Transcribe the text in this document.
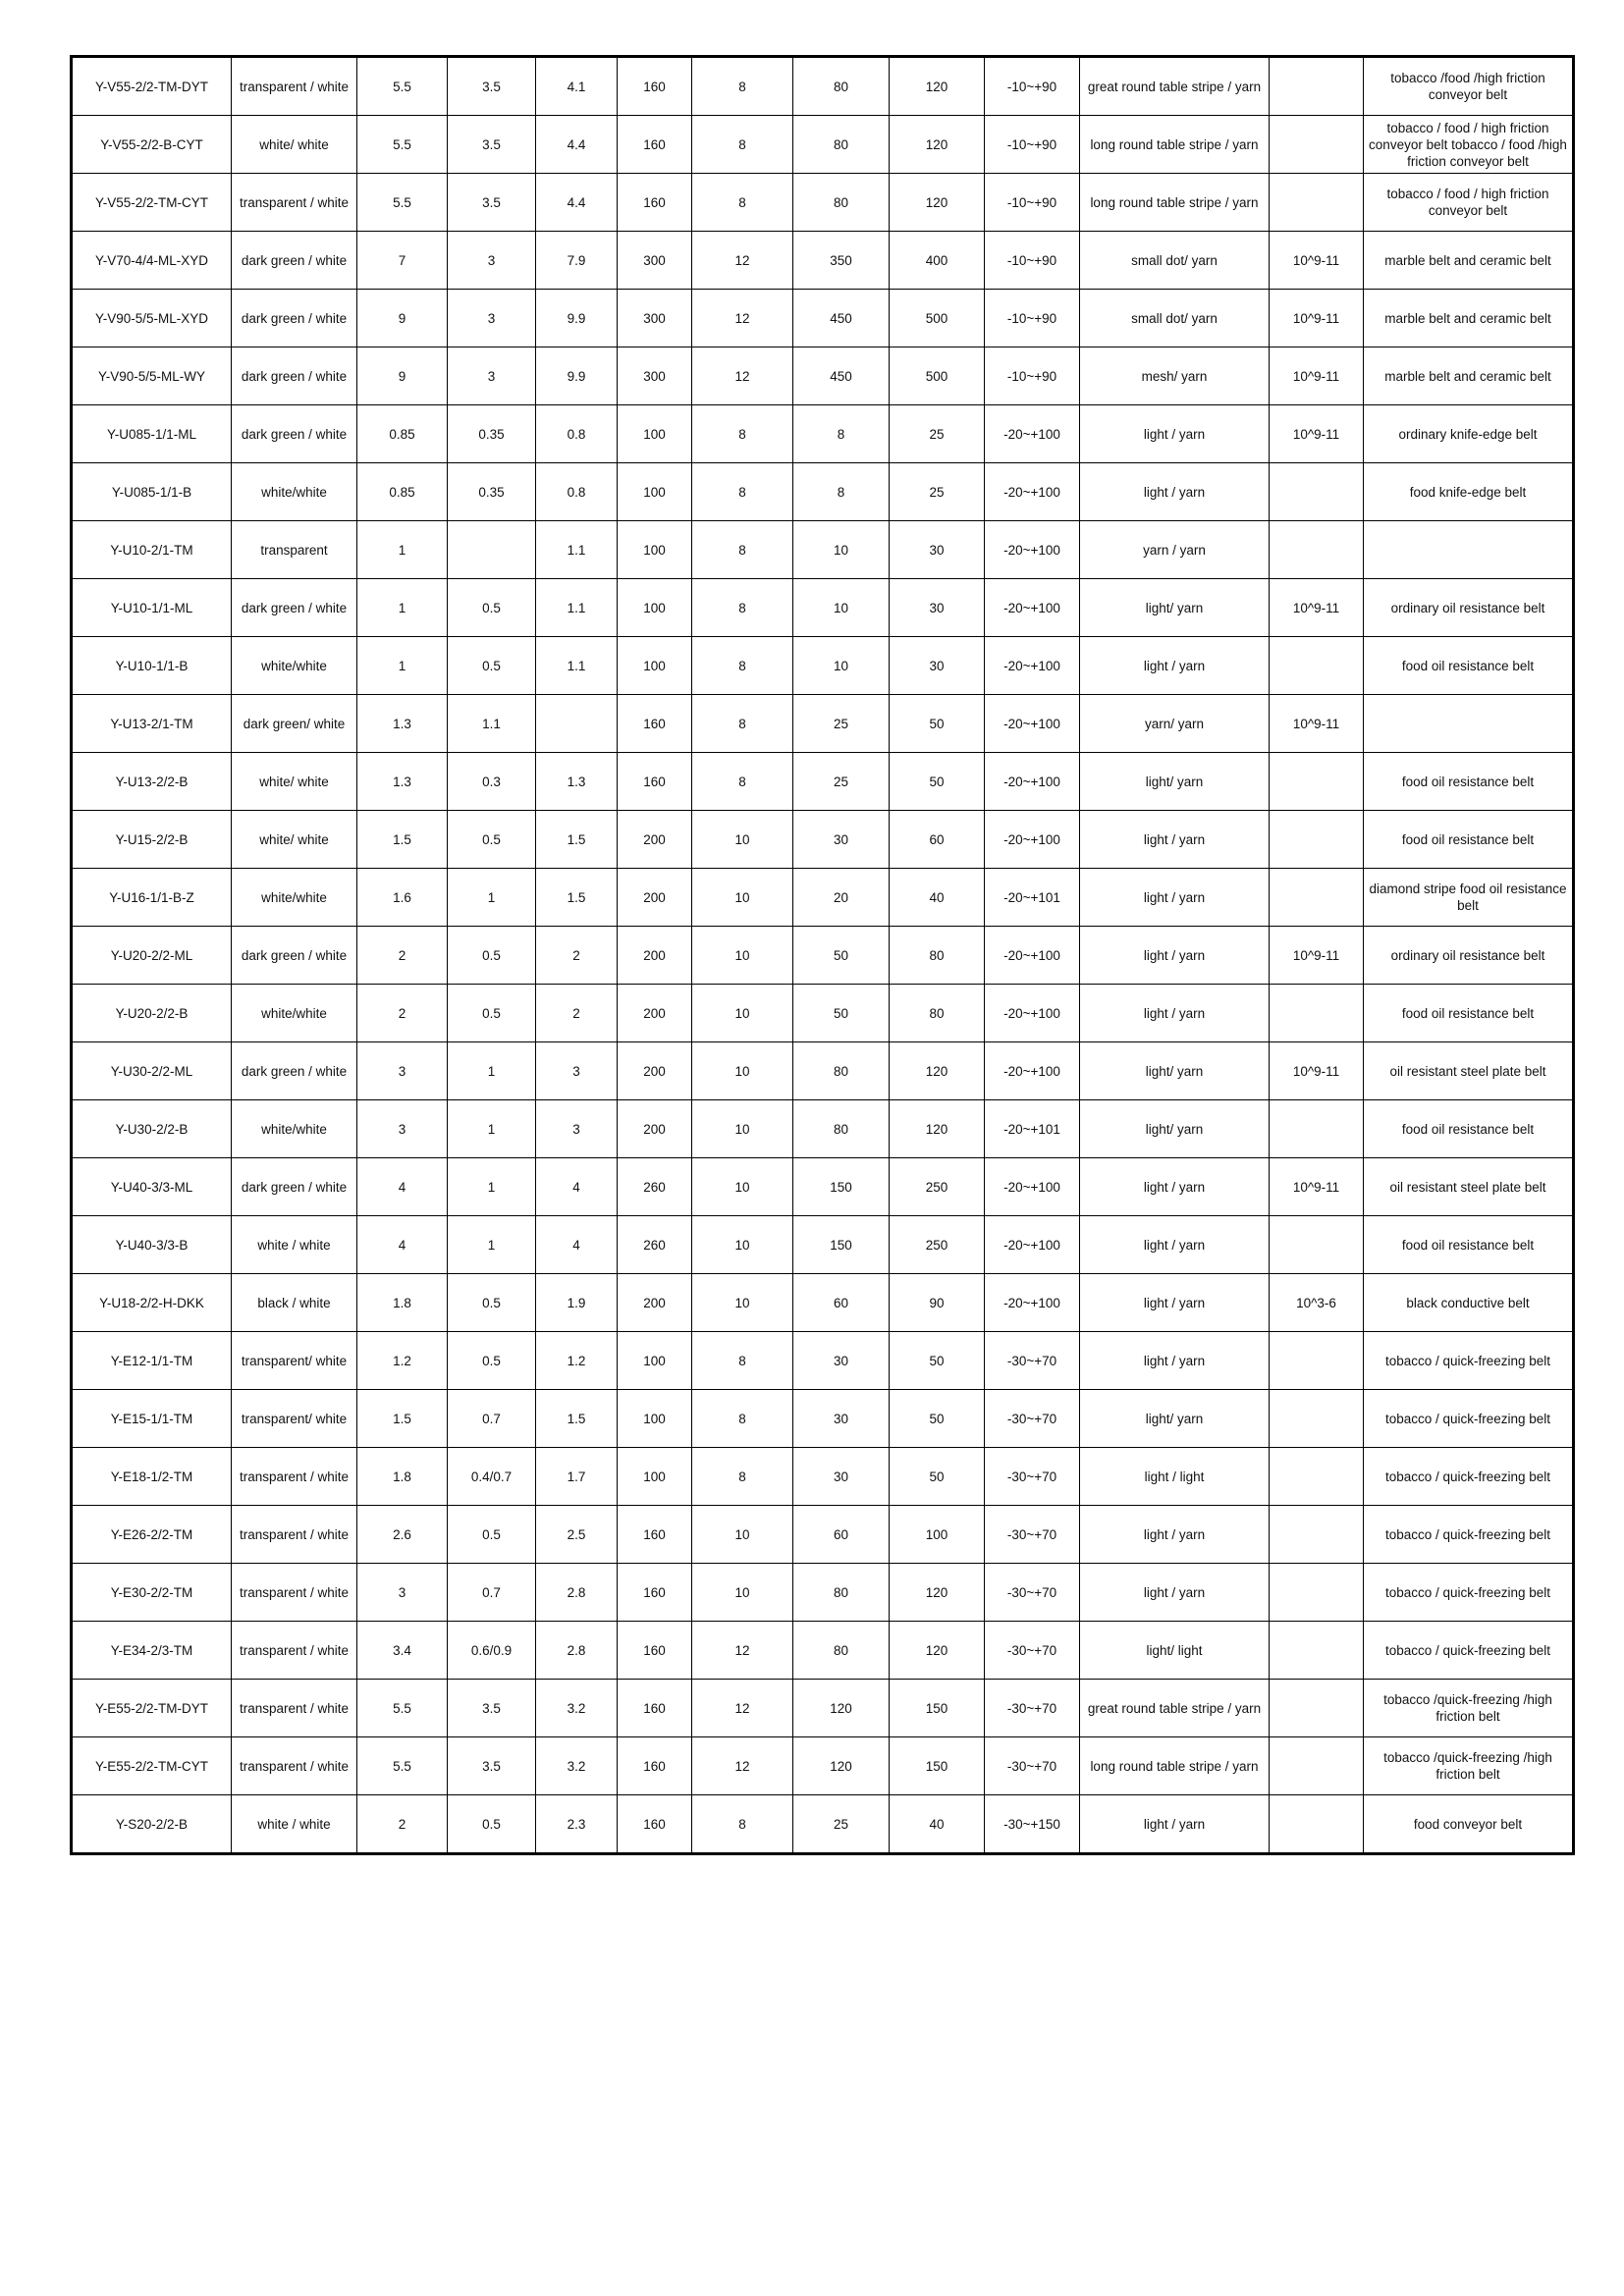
Y-V55-2/2-TM-DYT	transparent / white	5.5	3.5	4.1	160	8	80	120	-10~+90	great round table stripe / yarn		tobacco /food /high friction conveyor belt
Y-V55-2/2-B-CYT	white/ white	5.5	3.5	4.4	160	8	80	120	-10~+90	long round table stripe / yarn		tobacco / food / high friction conveyor belt tobacco / food /high friction conveyor belt
Y-V55-2/2-TM-CYT	transparent / white	5.5	3.5	4.4	160	8	80	120	-10~+90	long round table stripe / yarn		tobacco / food / high friction conveyor belt
Y-V70-4/4-ML-XYD	dark green / white	7	3	7.9	300	12	350	400	-10~+90	small dot/ yarn	10^9-11	marble belt and ceramic belt
Y-V90-5/5-ML-XYD	dark green / white	9	3	9.9	300	12	450	500	-10~+90	small dot/ yarn	10^9-11	marble belt and ceramic belt
Y-V90-5/5-ML-WY	dark green / white	9	3	9.9	300	12	450	500	-10~+90	mesh/ yarn	10^9-11	marble belt and ceramic belt
Y-U085-1/1-ML	dark green / white	0.85	0.35	0.8	100	8	8	25	-20~+100	light / yarn	10^9-11	ordinary knife-edge belt
Y-U085-1/1-B	white/white	0.85	0.35	0.8	100	8	8	25	-20~+100	light / yarn		food knife-edge belt
Y-U10-2/1-TM	transparent	1		1.1	100	8	10	30	-20~+100	yarn / yarn		
Y-U10-1/1-ML	dark green / white	1	0.5	1.1	100	8	10	30	-20~+100	light/ yarn	10^9-11	ordinary oil resistance belt
Y-U10-1/1-B	white/white	1	0.5	1.1	100	8	10	30	-20~+100	light / yarn		food oil resistance belt
Y-U13-2/1-TM	dark green/ white	1.3	1.1		160	8	25	50	-20~+100	yarn/ yarn	10^9-11	
Y-U13-2/2-B	white/ white	1.3	0.3	1.3	160	8	25	50	-20~+100	light/ yarn		food oil resistance belt
Y-U15-2/2-B	white/ white	1.5	0.5	1.5	200	10	30	60	-20~+100	light / yarn		food oil resistance belt
Y-U16-1/1-B-Z	white/white	1.6	1	1.5	200	10	20	40	-20~+101	light / yarn		diamond stripe food oil resistance belt
Y-U20-2/2-ML	dark green / white	2	0.5	2	200	10	50	80	-20~+100	light / yarn	10^9-11	ordinary oil resistance belt
Y-U20-2/2-B	white/white	2	0.5	2	200	10	50	80	-20~+100	light / yarn		food oil resistance belt
Y-U30-2/2-ML	dark green / white	3	1	3	200	10	80	120	-20~+100	light/ yarn	10^9-11	oil resistant steel plate belt
Y-U30-2/2-B	white/white	3	1	3	200	10	80	120	-20~+101	light/ yarn		food oil resistance belt
Y-U40-3/3-ML	dark green / white	4	1	4	260	10	150	250	-20~+100	light / yarn	10^9-11	oil resistant steel plate belt
Y-U40-3/3-B	white / white	4	1	4	260	10	150	250	-20~+100	light / yarn		food oil resistance belt
Y-U18-2/2-H-DKK	black / white	1.8	0.5	1.9	200	10	60	90	-20~+100	light / yarn	10^3-6	black conductive belt
Y-E12-1/1-TM	transparent/ white	1.2	0.5	1.2	100	8	30	50	-30~+70	light / yarn		tobacco / quick-freezing belt
Y-E15-1/1-TM	transparent/ white	1.5	0.7	1.5	100	8	30	50	-30~+70	light/ yarn		tobacco / quick-freezing belt
Y-E18-1/2-TM	transparent / white	1.8	0.4/0.7	1.7	100	8	30	50	-30~+70	light / light		tobacco / quick-freezing belt
Y-E26-2/2-TM	transparent / white	2.6	0.5	2.5	160	10	60	100	-30~+70	light / yarn		tobacco / quick-freezing belt
Y-E30-2/2-TM	transparent / white	3	0.7	2.8	160	10	80	120	-30~+70	light / yarn		tobacco / quick-freezing belt
Y-E34-2/3-TM	transparent / white	3.4	0.6/0.9	2.8	160	12	80	120	-30~+70	light/ light		tobacco / quick-freezing belt
Y-E55-2/2-TM-DYT	transparent / white	5.5	3.5	3.2	160	12	120	150	-30~+70	great round table stripe / yarn		tobacco /quick-freezing /high friction belt
Y-E55-2/2-TM-CYT	transparent / white	5.5	3.5	3.2	160	12	120	150	-30~+70	long round table stripe / yarn		tobacco /quick-freezing /high friction belt
Y-S20-2/2-B	white / white	2	0.5	2.3	160	8	25	40	-30~+150	light / yarn		food conveyor belt
